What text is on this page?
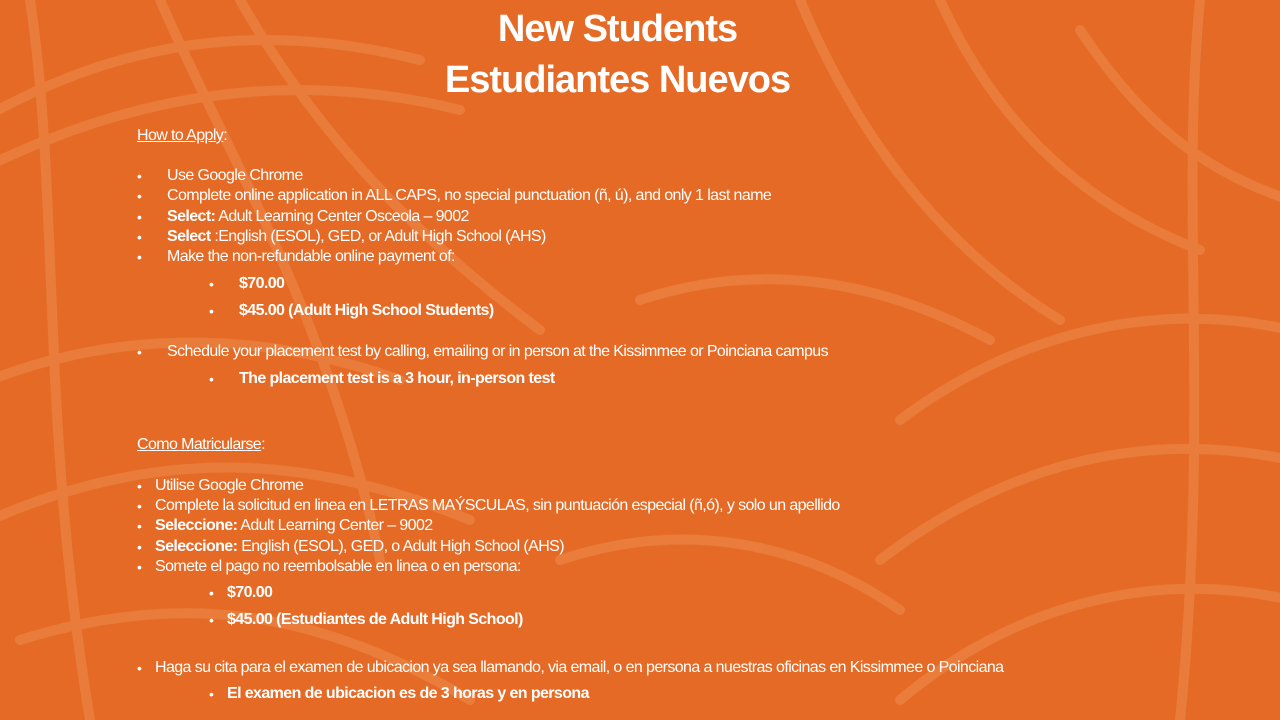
New Students
Estudiantes Nuevos
How to Apply:
• Use Google Chrome
• Complete online application in ALL CAPS, no special punctuation (ñ, ú), and only 1 last name
• Select: Adult Learning Center Osceola – 9002
• Select :English (ESOL), GED, or Adult High School (AHS)
• Make the non-refundable online payment of:
• $70.00
• $45.00 (Adult High School Students)
• Schedule your placement test by calling, emailing or in person at the Kissimmee or Poinciana campus
• The placement test is a 3 hour, in-person test
Como Matricularse:
• Utilise Google Chrome
• Complete la solicitud en linea en LETRAS MAÝSCULAS, sin puntuación especial (ñ,ó), y solo un apellido
• Seleccione: Adult Learning Center – 9002
• Seleccione: English (ESOL), GED, o Adult High School (AHS)
• Somete el pago no reembolsable en linea o en persona:
• $70.00
• $45.00 (Estudiantes de Adult High School)
• Haga su cita para el examen de ubicacion ya sea llamando, via email, o en persona a nuestras oficinas en Kissimmee o Poinciana
• El examen de ubicacion es de 3 horas y en persona
